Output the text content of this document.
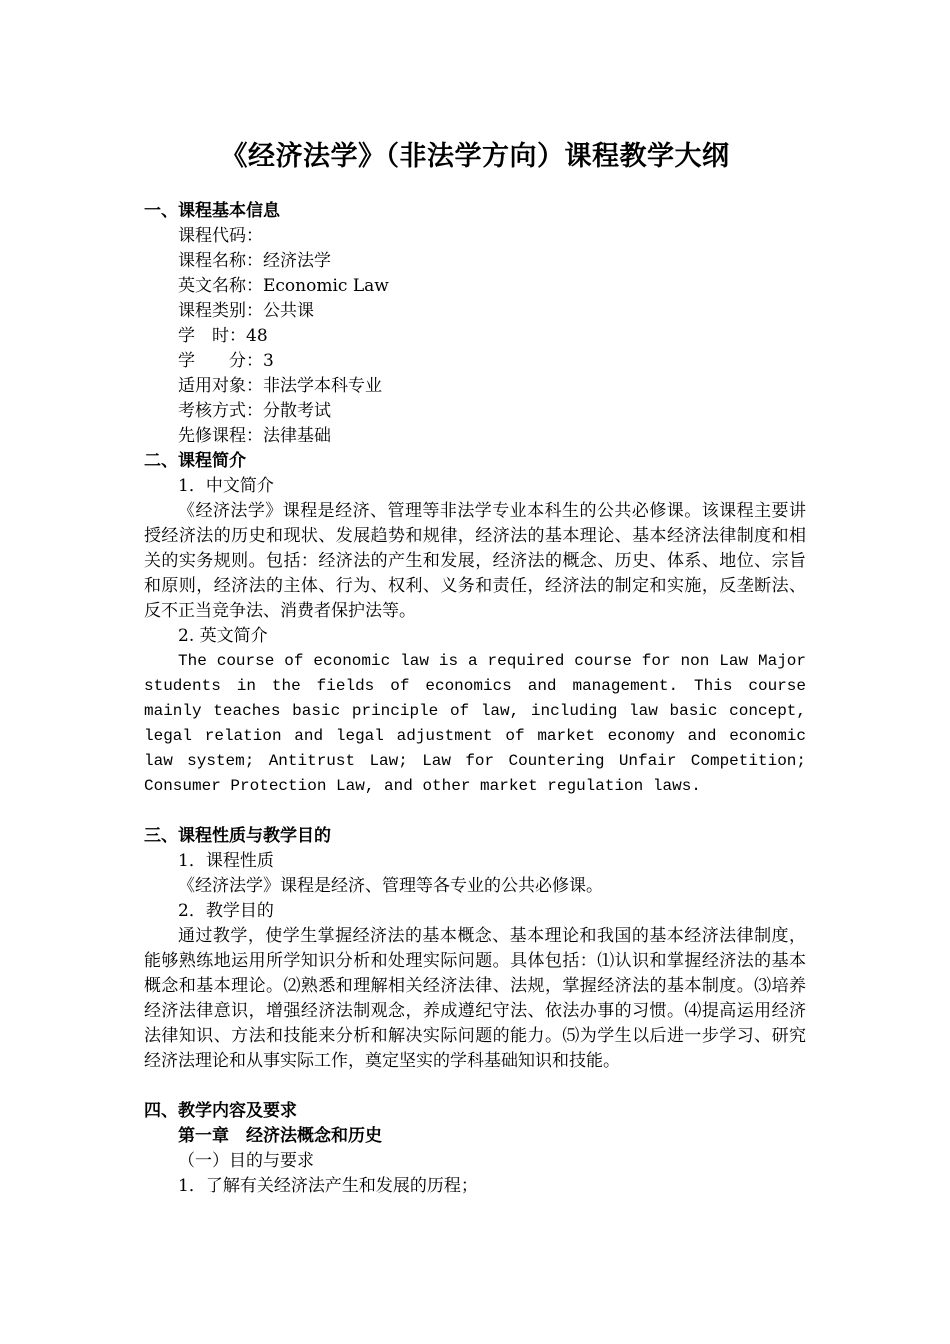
《经济法学》（非法学方向）课程教学大纲
一、课程基本信息
课程代码：
课程名称：经济法学
英文名称：Economic Law
课程类别：公共课
学　时：48
学　　分：3
适用对象：非法学本科专业
考核方式：分散考试
先修课程：法律基础
二、课程简介
1．中文简介
《经济法学》课程是经济、管理等非法学专业本科生的公共必修课。该课程主要讲授经济法的历史和现状、发展趋势和规律，经济法的基本理论、基本经济法律制度和相关的实务规则。包括：经济法的产生和发展，经济法的概念、历史、体系、地位、宗旨和原则，经济法的主体、行为、权利、义务和责任，经济法的制定和实施，反垄断法、反不正当竞争法、消费者保护法等。
2. 英文简介
The course of economic law is a required course for non Law Major students in the fields of economics and management. This course mainly teaches basic principle of law, including law basic concept, legal relation and legal adjustment of market economy and economic law system; Antitrust Law; Law for Countering Unfair Competition; Consumer Protection Law, and other market regulation laws.
三、课程性质与教学目的
1．课程性质
《经济法学》课程是经济、管理等各专业的公共必修课。
2．教学目的
通过教学，使学生掌握经济法的基本概念、基本理论和我国的基本经济法律制度，能够熟练地运用所学知识分析和处理实际问题。具体包括：⑴认识和掌握经济法的基本概念和基本理论。⑵熟悉和理解相关经济法律、法规，掌握经济法的基本制度。⑶培养经济法律意识，增强经济法制观念，养成遵纪守法、依法办事的习惯。⑷提高运用经济法律知识、方法和技能来分析和解决实际问题的能力。⑸为学生以后进一步学习、研究经济法理论和从事实际工作，奠定坚实的学科基础知识和技能。
四、教学内容及要求
第一章　经济法概念和历史
（一）目的与要求
1．了解有关经济法产生和发展的历程；
